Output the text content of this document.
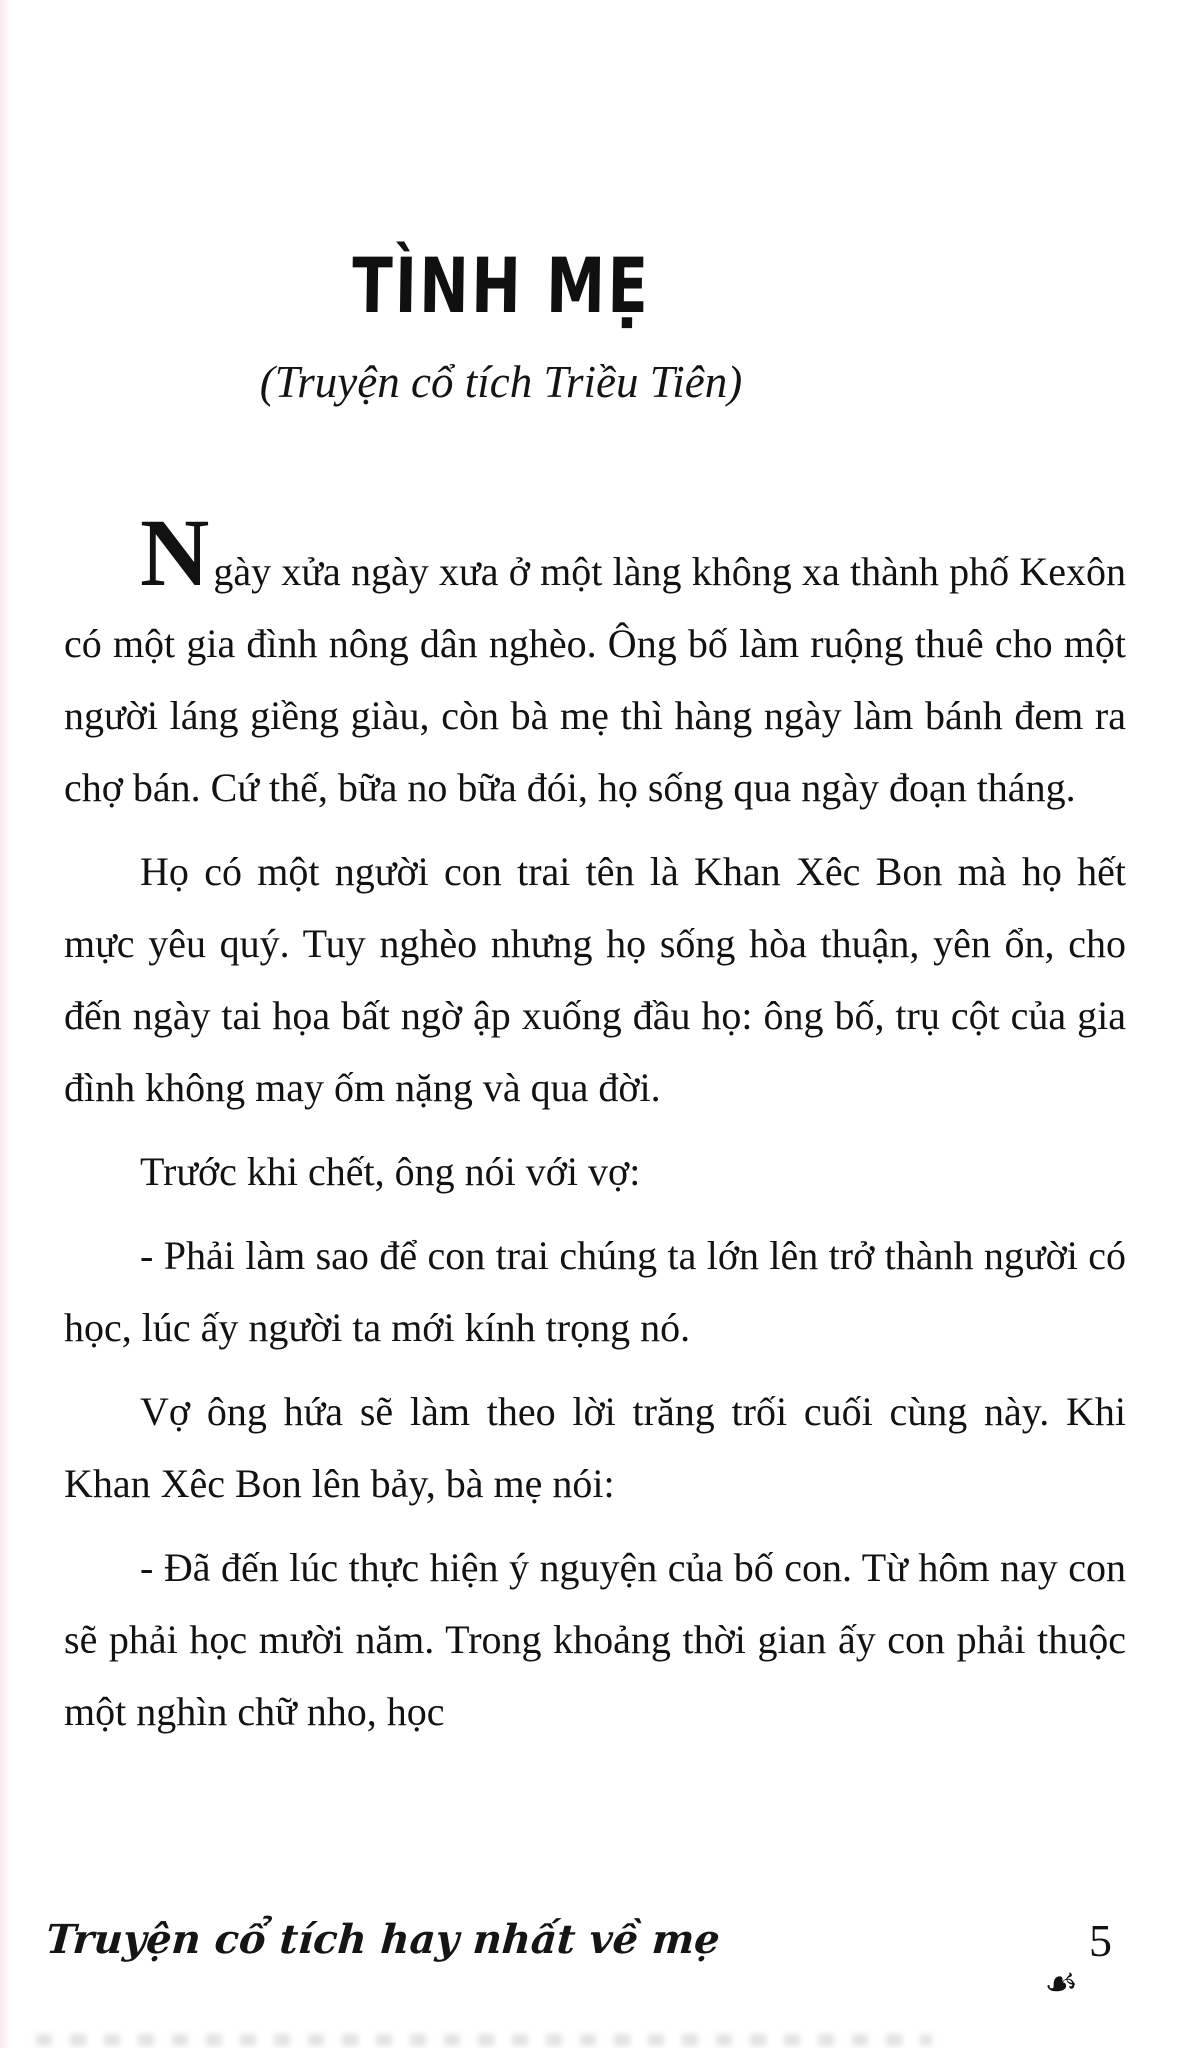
TÌNH MẸ
(Truyện cổ tích Triều Tiên)

Ngày xửa ngày xưa ở một làng không xa thành phố Kexôn có một gia đình nông dân nghèo. Ông bố làm ruộng thuê cho một người láng giềng giàu, còn bà mẹ thì hàng ngày làm bánh đem ra chợ bán. Cứ thế, bữa no bữa đói, họ sống qua ngày đoạn tháng.

Họ có một người con trai tên là Khan Xêc Bon mà họ hết mực yêu quý. Tuy nghèo nhưng họ sống hòa thuận, yên ổn, cho đến ngày tai họa bất ngờ ập xuống đầu họ: ông bố, trụ cột của gia đình không may ốm nặng và qua đời.

Trước khi chết, ông nói với vợ:

- Phải làm sao để con trai chúng ta lớn lên trở thành người có học, lúc ấy người ta mới kính trọng nó.

Vợ ông hứa sẽ làm theo lời trăng trối cuối cùng này. Khi Khan Xêc Bon lên bảy, bà mẹ nói:

- Đã đến lúc thực hiện ý nguyện của bố con. Từ hôm nay con sẽ phải học mười năm. Trong khoảng thời gian ấy con phải thuộc một nghìn chữ nho, học

Truyện cổ tích hay nhất về mẹ	5
☙
